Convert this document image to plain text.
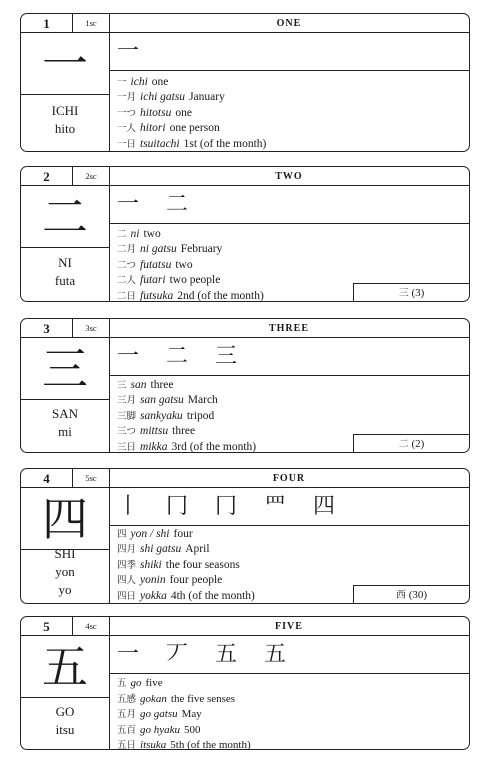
1	1sc
一
ICHI
hito
ONE
一
一 ichi one
一月 ichi gatsu January
一つ hitotsu one
一人 hitori one person
一日 tsuitachi 1st (of the month)
2	2sc
二
NI
futa
TWO
一 二
二 ni two
二月 ni gatsu February
二つ futatsu two
二人 futari two people
二日 futsuka 2nd (of the month)	三 (3)
3	3sc
三
SAN
mi
THREE
一 二 三
三 san three
三月 san gatsu March
三脚 sankyaku tripod
三つ mittsu three
三日 mikka 3rd (of the month)	二 (2)
4	5sc
四
SHI
yon
yo
FOUR
丨 冂 冂 罒 四
四 yon / shi four
四月 shi gatsu April
四季 shiki the four seasons
四人 yonin four people
四日 yokka 4th (of the month)	西 (30)
5	4sc
五
GO
itsu
FIVE
一 丆 五 五
五 go five
五感 gokan the five senses
五月 go gatsu May
五百 go hyaku 500
五日 itsuka 5th (of the month)
